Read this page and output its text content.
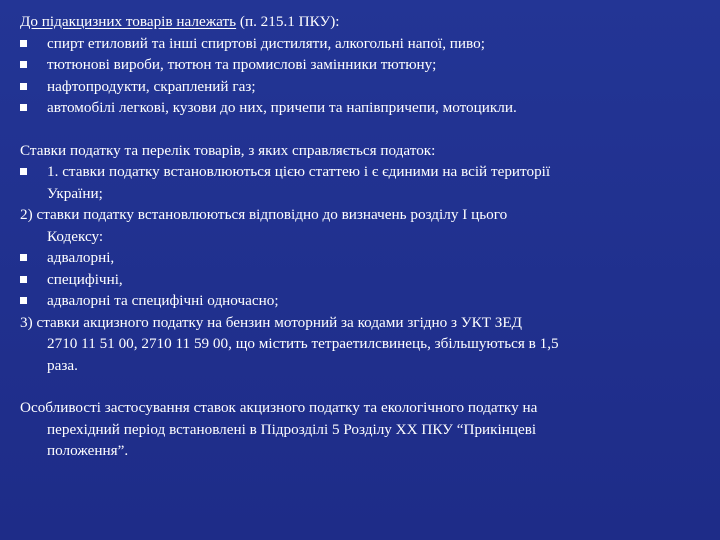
До підакцизних товарів належать (п. 215.1 ПКУ):
спирт етиловий та інші спиртові дистиляти, алкогольні напої, пиво;
тютюнові вироби, тютюн та промислові замінники тютюну;
нафтопродукти, скраплений газ;
автомобілі легкові, кузови до них, причепи та напівпричепи, мотоцикли.
Ставки податку та перелік товарів, з яких справляється податок:
1. ставки податку встановлюються цією статтею і є єдиними на всій території
України;
2) ставки податку встановлюються відповідно до визначень розділу І цього
Кодексу:
адвалорні,
специфічні,
адвалорні та специфічні одночасно;
3) ставки акцизного податку на бензин моторний за кодами згідно з УКТ ЗЕД
2710 11 51 00, 2710 11 59 00, що містить тетраетилсвинець, збільшуються в 1,5
раза.
Особливості застосування ставок акцизного податку та екологічного податку на
перехідний період встановлені в Підрозділі 5 Розділу XX ПКУ “Прикінцеві
положення”.
